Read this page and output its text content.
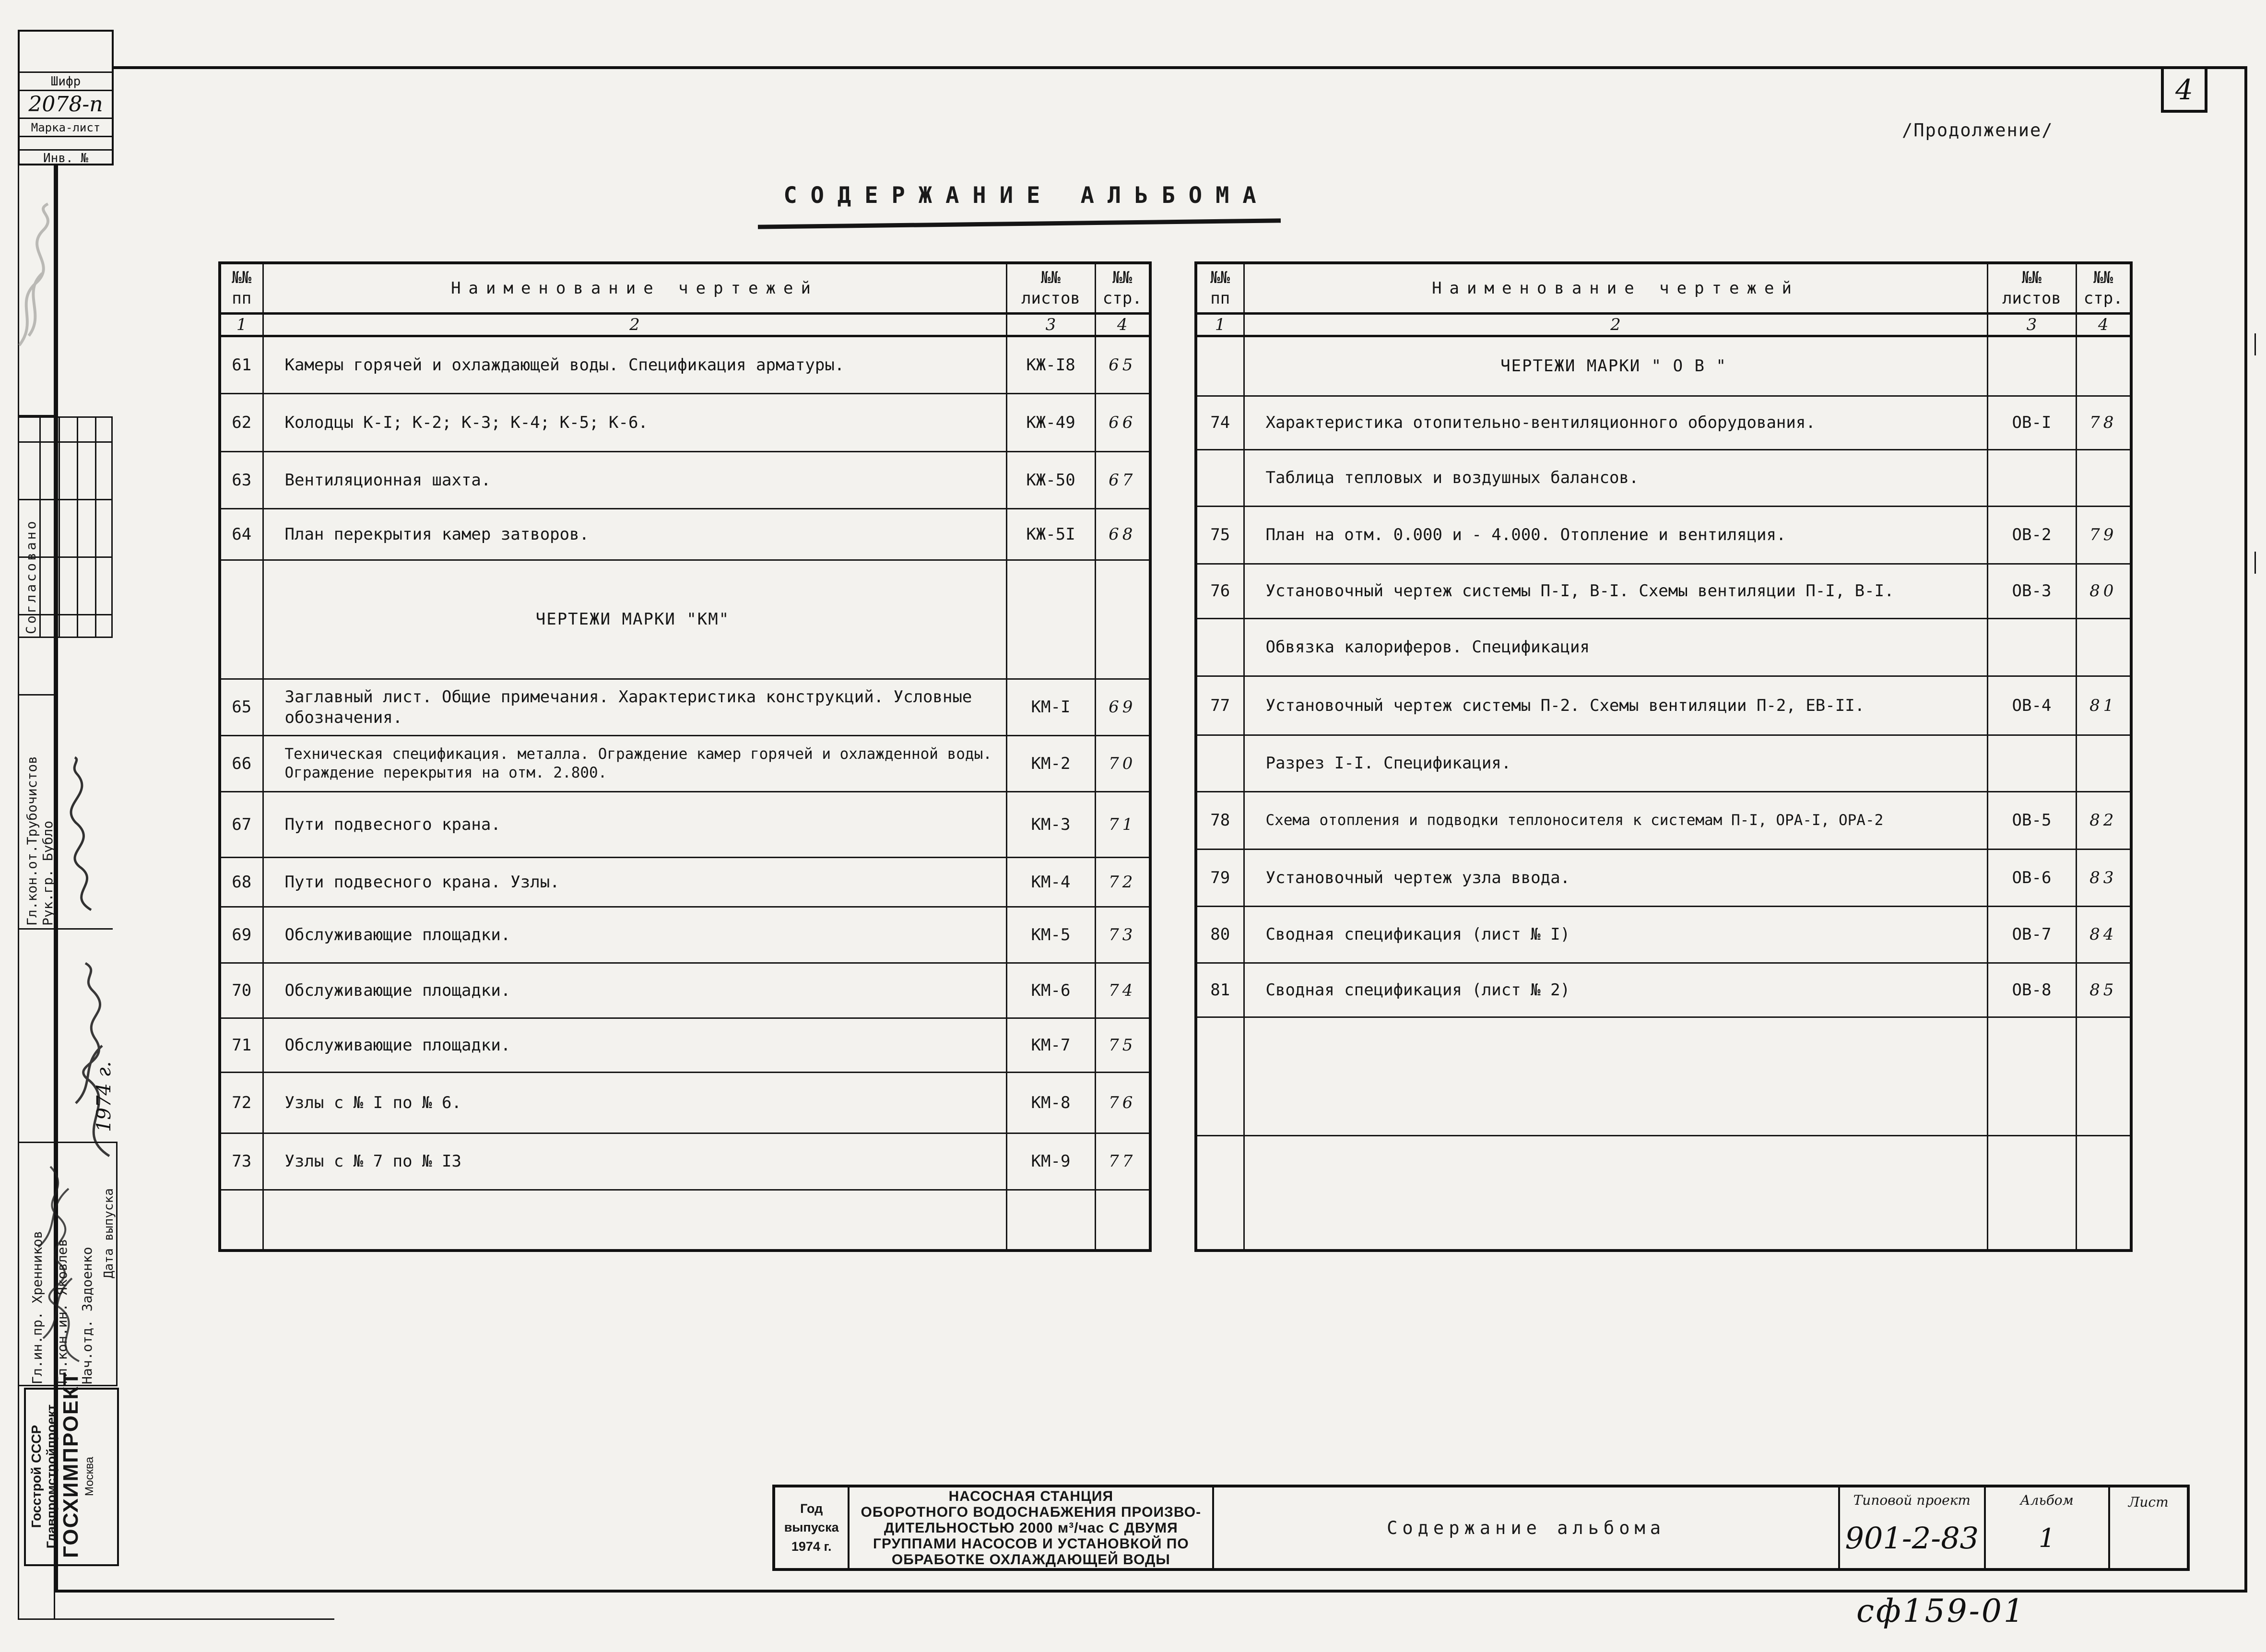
4
/Продолжение/
СОДЕРЖАНИЕ АЛЬБОМА
Шифр
2078-п
Марка-лист
Инв. №
Согласовано
Гл.кон.от.Трубочистов Рук.гр. Бубло
Гл.ин.пр. Хренников Гл.кон.ин. Яковлев Нач.отд. Задоенко
Дата выпуска
1974 г.
Госстрой СССР Главпромстройпроект ГОСХИМПРОЕКТ Москва
№№
пп
	Наименование чертежей	
№№
листов

№№
стр.

1	2	3	4
61	Камеры горячей и охлаждающей воды. Спецификация арматуры.	КЖ-I8	65
62	Колодцы К-I; К-2; К-3; К-4; К-5; К-6.	КЖ-49	66
63	Вентиляционная шахта.	КЖ-50	67
64	План перекрытия камер затворов.	КЖ-5I	68
	ЧЕРТЕЖИ МАРКИ "КМ"		
65	Заглавный лист. Общие примечания. Характеристика конструкций. Условные обозначения.	КМ-I	69
66	Техническая спецификация. металла. Ограждение камер горячей и охлажденной воды. Ограждение перекрытия на отм. 2.800.	КМ-2	70
67	Пути подвесного крана.	КМ-3	71
68	Пути подвесного крана. Узлы.	КМ-4	72
69	Обслуживающие площадки.	КМ-5	73
70	Обслуживающие площадки.	КМ-6	74
71	Обслуживающие площадки.	КМ-7	75
72	Узлы с № I по № 6.	КМ-8	76
73	Узлы с № 7 по № I3	КМ-9	77

№№
пп
	Наименование чертежей	
№№
листов

№№
стр.

1	2	3	4
	ЧЕРТЕЖИ МАРКИ " О В "		
74	Характеристика отопительно-вентиляционного оборудования.	ОВ-I	78
	Таблица тепловых и воздушных балансов.		
75	План на отм. 0.000 и - 4.000. Отопление и вентиляция.	ОВ-2	79
76	Установочный чертеж системы П-I, В-I. Схемы вентиляции П-I, В-I.	ОВ-3	80
	Обвязка калориферов. Спецификация		
77	Установочный чертеж системы П-2. Схемы вентиляции П-2, ЕВ-II.	ОВ-4	81
	Разрез I-I. Спецификация.		
78	Схема отопления и подводки теплоносителя к системам П-I, ОРА-I, ОРА-2	ОВ-5	82
79	Установочный чертеж узла ввода.	ОВ-6	83
80	Сводная спецификация (лист № I)	ОВ-7	84
81	Сводная спецификация (лист № 2)	ОВ-8	85

Год
выпуска
1974 г.
НАСОСНАЯ СТАНЦИЯ
ОБОРОТНОГО ВОДОСНАБЖЕНИЯ ПРОИЗВО-
ДИТЕЛЬНОСТЬЮ 2000 м³/час С ДВУМЯ
ГРУППАМИ НАСОСОВ И УСТАНОВКОЙ ПО
ОБРАБОТКЕ ОХЛАЖДАЮЩЕЙ ВОДЫ
Содержание альбома
Типовой проект
901-2-83
Альбом
1
Лист
сф159-01
